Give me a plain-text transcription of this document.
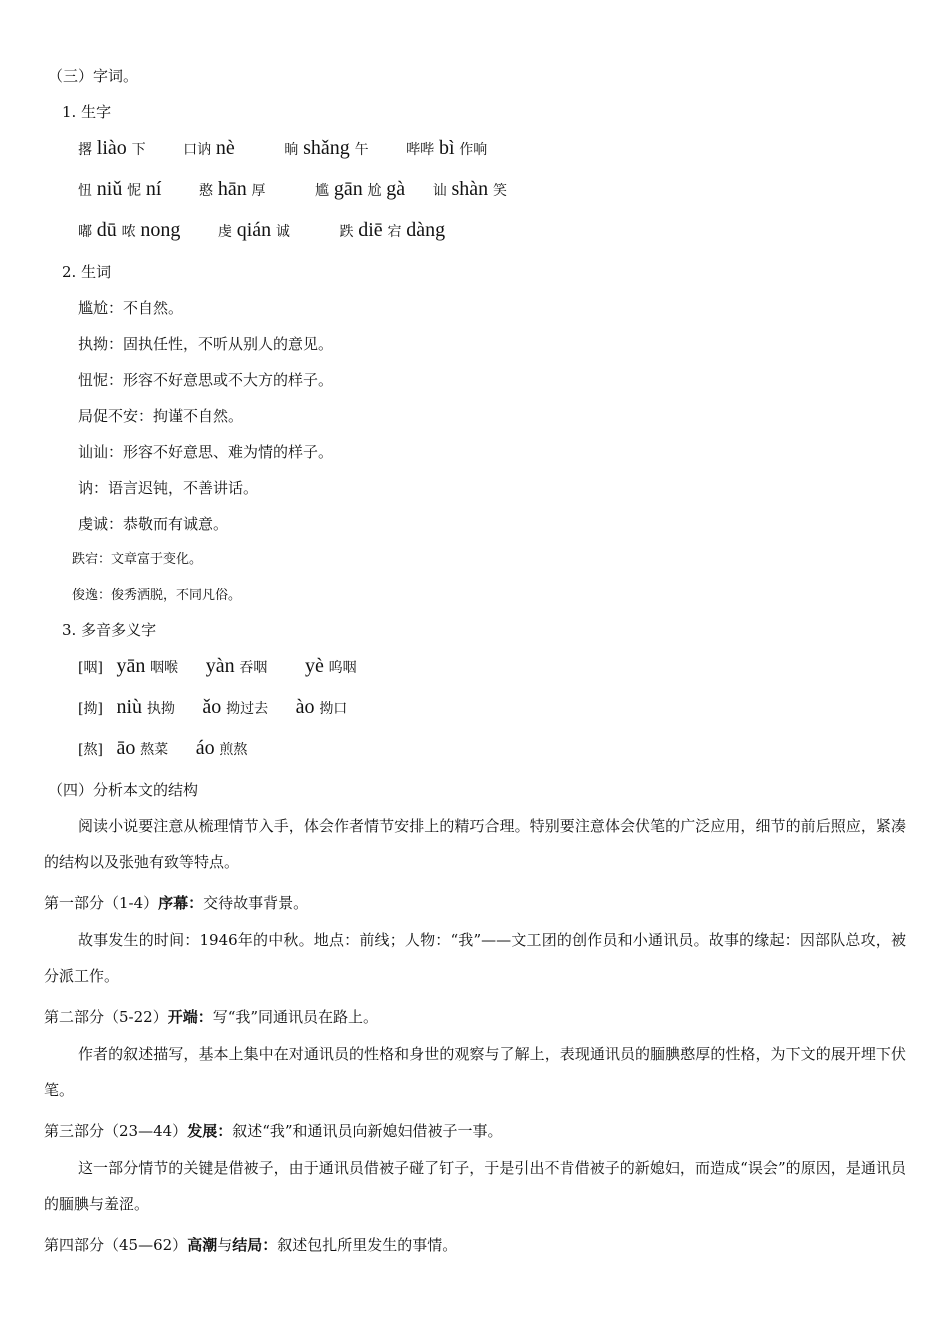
（三）字词。
1. 生字
撂 liào 下	口讷 nè	晌 shǎng 午	哔哔 bì 作响
忸 niǔ 怩 ní	憨 hān 厚	尴 gān 尬 gà 讪 shàn 笑
嘟 dū 哝 nong	虔 qián 诚	跌 diē 宕 dàng
2. 生词
尴尬：不自然。
执拗：固执任性，不听从别人的意见。
忸怩：形容不好意思或不大方的样子。
局促不安：拘谨不自然。
讪讪：形容不好意思、难为情的样子。
讷：语言迟钝，不善讲话。
虔诚：恭敬而有诚意。
跌宕：文章富于变化。
俊逸：俊秀洒脱，不同凡俗。
3. 多音多义字
[咽] yān 咽喉 yàn 吞咽 yè 呜咽
[拗] niù 执拗 ǎo 拗过去 ào 拗口
[熬] āo 熬菜 áo 煎熬
（四）分析本文的结构
阅读小说要注意从梳理情节入手，体会作者情节安排上的精巧合理。特别要注意体会伏笔的广泛应用，细节的前后照应，紧凑的结构以及张弛有致等特点。
第一部分（1-4）序幕：交待故事背景。
故事发生的时间：1946年的中秋。地点：前线；人物：“我”——文工团的创作员和小通讯员。故事的缘起：因部队总攻，被分派工作。
第二部分（5-22）开端：写“我”同通讯员在路上。
作者的叙述描写，基本上集中在对通讯员的性格和身世的观察与了解上，表现通讯员的腼腆憨厚的性格，为下文的展开埋下伏笔。
第三部分（23—44）发展：叙述“我”和通讯员向新媳妇借被子一事。
这一部分情节的关键是借被子，由于通讯员借被子碰了钉子，于是引出不肯借被子的新媳妇，而造成“误会”的原因，是通讯员的腼腆与羞涩。
第四部分（45—62）高潮与结局：叙述包扎所里发生的事情。
